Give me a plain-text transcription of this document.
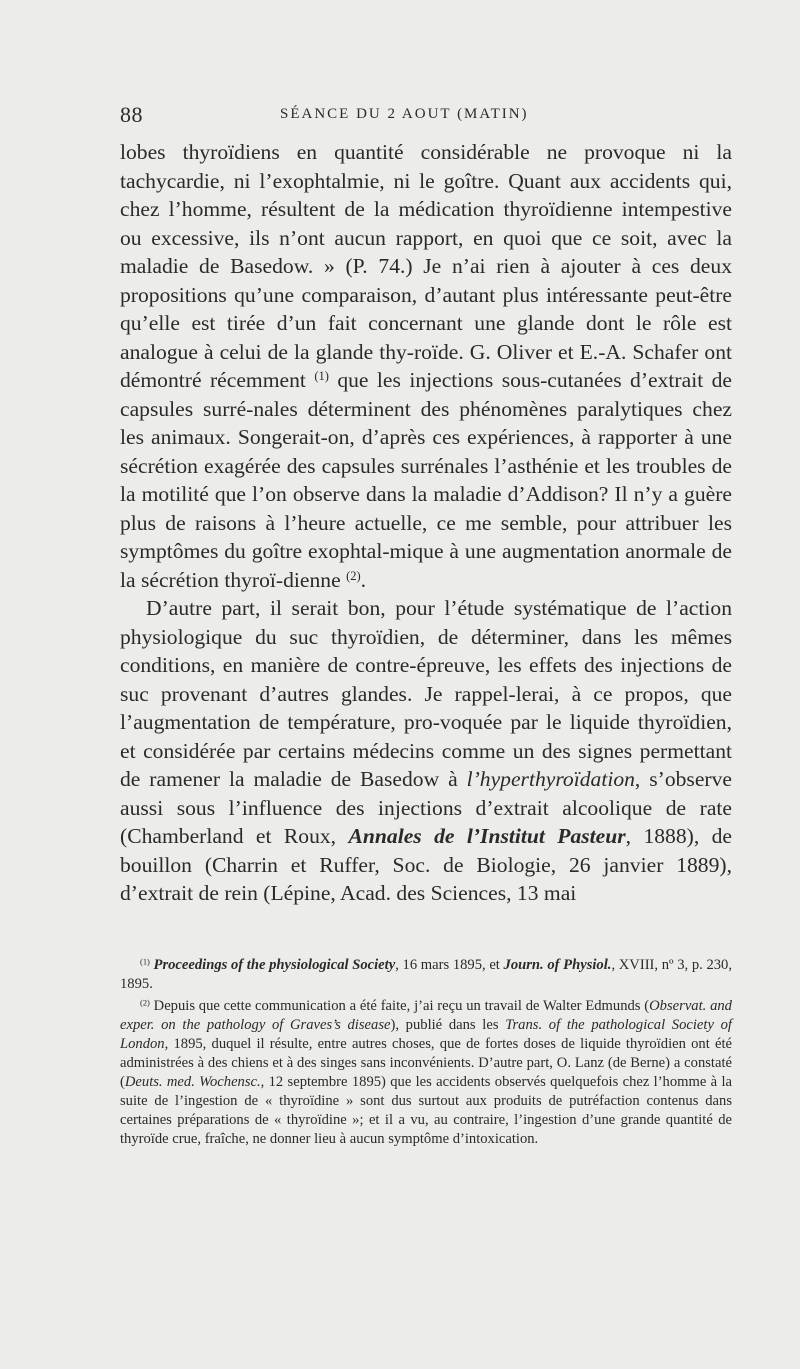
88	SÉANCE DU 2 AOUT (MATIN)

lobes thyroïdiens en quantité considérable ne provoque ni la tachycardie, ni l’exophtalmie, ni le goître. Quant aux accidents qui, chez l’homme, résultent de la médication thyroïdienne intempestive ou excessive, ils n’ont aucun rapport, en quoi que ce soit, avec la maladie de Basedow. » (P. 74.) Je n’ai rien à ajouter à ces deux propositions qu’une comparaison, d’autant plus intéressante peut-être qu’elle est tirée d’un fait concernant une glande dont le rôle est analogue à celui de la glande thy-roïde. G. Oliver et E.-A. Schafer ont démontré récemment $^{(1)}$ que les injections sous-cutanées d’extrait de capsules surré-nales déterminent des phénomènes paralytiques chez les animaux. Songerait-on, d’après ces expériences, à rapporter à une sécrétion exagérée des capsules surrénales l’asthénie et les troubles de la motilité que l’on observe dans la maladie d’Addison? Il n’y a guère plus de raisons à l’heure actuelle, ce me semble, pour attribuer les symptômes du goître exophtal-mique à une augmentation anormale de la sécrétion thyroï-dienne $^{(2)}$.

D’autre part, il serait bon, pour l’étude systématique de l’action physiologique du suc thyroïdien, de déterminer, dans les mêmes conditions, en manière de contre-épreuve, les effets des injections de suc provenant d’autres glandes. Je rappel-lerai, à ce propos, que l’augmentation de température, pro-voquée par le liquide thyroïdien, et considérée par certains médecins comme un des signes permettant de ramener la maladie de Basedow à l’hyperthyroïdation, s’observe aussi sous l’influence des injections d’extrait alcoolique de rate (Chamberland et Roux, Annales de l’Institut Pasteur, 1888), de bouillon (Charrin et Ruffer, Soc. de Biologie, 26 janvier 1889), d’extrait de rein (Lépine, Acad. des Sciences, 13 mai

$^{(1)}$ Proceedings of the physiological Society, 16 mars 1895, et Journ. of Physiol., XVIII, nº 3, p. 230, 1895.

$^{(2)}$ Depuis que cette communication a été faite, j’ai reçu un travail de Walter Edmunds (Observat. and exper. on the pathology of Graves’s disease), publié dans les Trans. of the pathological Society of London, 1895, duquel il résulte, entre autres choses, que de fortes doses de liquide thyroïdien ont été administrées à des chiens et à des singes sans inconvénients. D’autre part, O. Lanz (de Berne) a constaté (Deuts. med. Wochensc., 12 septembre 1895) que les accidents observés quelquefois chez l’homme à la suite de l’ingestion de « thyroïdine » sont dus surtout aux produits de putréfaction contenus dans certaines préparations de « thyroïdine »; et il a vu, au contraire, l’ingestion d’une grande quantité de thyroïde crue, fraîche, ne donner lieu à aucun symptôme d’intoxication.
